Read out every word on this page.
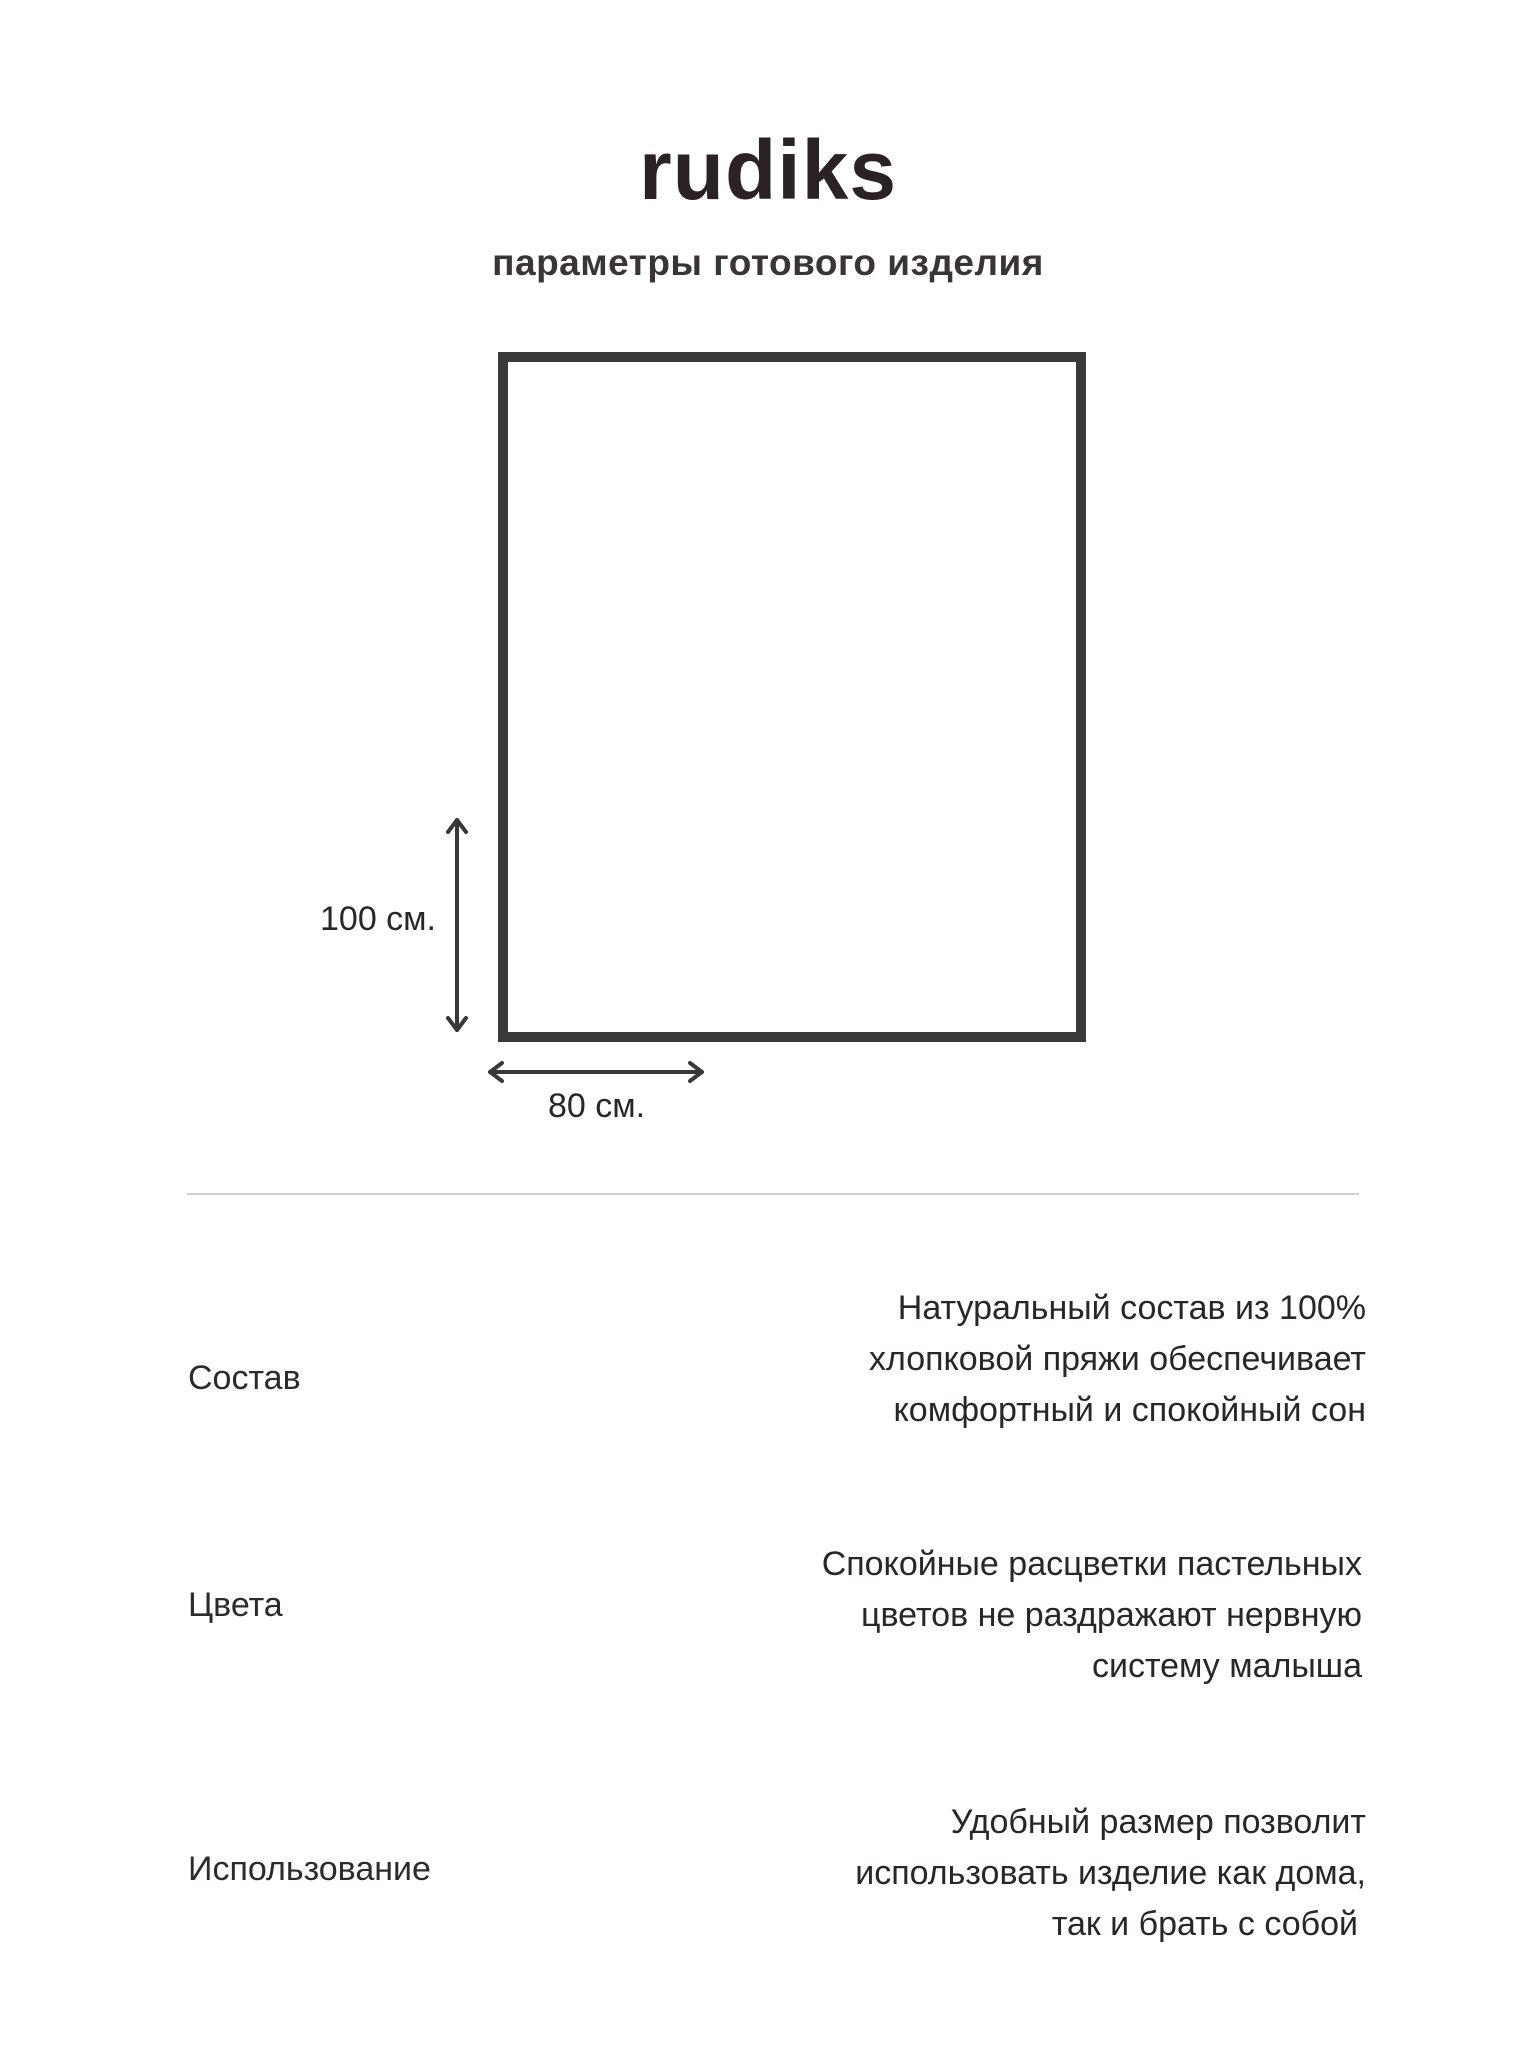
rudiks
параметры готового изделия
100 см.
80 см.
Состав
Натуральный состав из 100%
хлопковой пряжи обеспечивает
комфортный и спокойный сон
Цвета
Спокойные расцветки пастельных
цветов не раздражают нервную
систему малыша
Использование
Удобный размер позволит
использовать изделие как дома,
так и брать с собой
